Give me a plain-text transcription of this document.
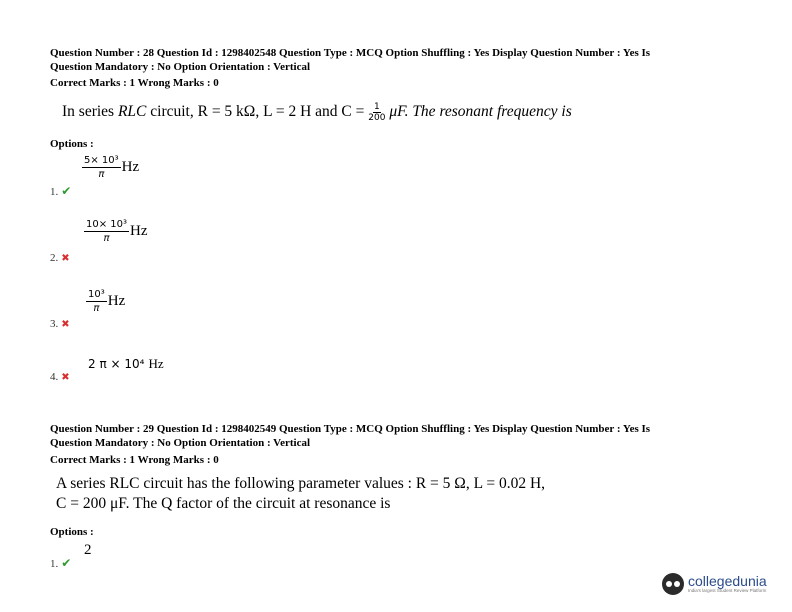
Question Number : 28 Question Id : 1298402548 Question Type : MCQ Option Shuffling : Yes Display Question Number : Yes Is
Question Mandatory : No Option Orientation : Vertical
Correct Marks : 1 Wrong Marks : 0
In series RLC circuit, R = 5 kΩ, L = 2 H and $C = \frac{1}{200} \mu F$. The resonant frequency is
Options :
$\frac{\text{5× 10³}}{\pi}$ Hz
1. ✔
$\frac{\text{10× 10³}}{\pi}$ Hz
2. ✖
$\frac{\text{10³}}{\pi}$ Hz
3. ✖
2 π × 10⁴ Hz
4. ✖
Question Number : 29 Question Id : 1298402549 Question Type : MCQ Option Shuffling : Yes Display Question Number : Yes Is
Question Mandatory : No Option Orientation : Vertical
Correct Marks : 1 Wrong Marks : 0
A series RLC circuit has the following parameter values : R = 5 Ω, L = 0.02 H,
C = 200 μF. The Q factor of the circuit at resonance is
Options :
2
1. ✔
collegedunia
India's largest Student Review Platform
